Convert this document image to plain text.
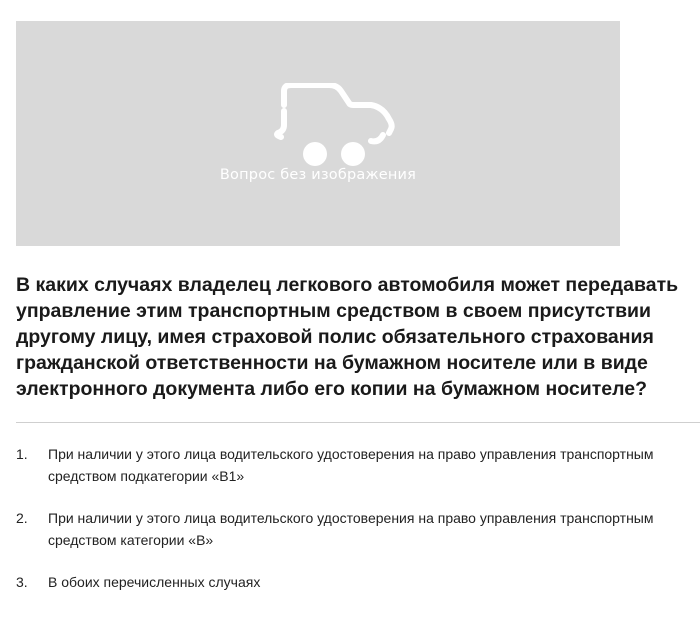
Вопрос без изображения
В каких случаях владелец легкового автомобиля может передавать управление этим транспортным средством в своем присутствии другому лицу, имея страховой полис обязательного страхования гражданской ответственности на бумажном носителе или в виде электронного документа либо его копии на бумажном носителе?
1.	При наличии у этого лица водительского удостоверения на право управления транспортным средством подкатегории «B1»
2.	При наличии у этого лица водительского удостоверения на право управления транспортным средством категории «B»
3.	В обоих перечисленных случаях
